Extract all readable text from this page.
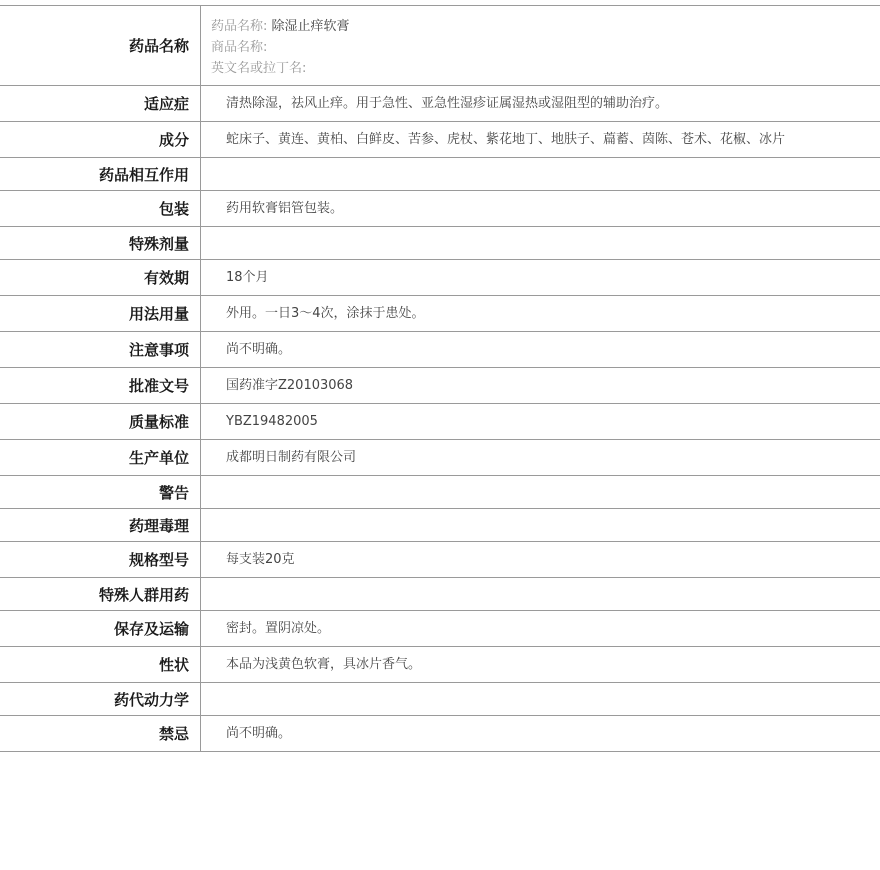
药品名称
药品名称: 除湿止痒软膏
商品名称:
英文名或拉丁名:
适应症	清热除湿，祛风止痒。用于急性、亚急性湿疹证属湿热或湿阻型的辅助治疗。
成分	蛇床子、黄连、黄柏、白鲜皮、苦参、虎杖、紫花地丁、地肤子、萹蓄、茵陈、苍术、花椒、冰片
药品相互作用
包装	药用软膏铝管包装。
特殊剂量
有效期	18个月
用法用量	外用。一日3～4次，涂抹于患处。
注意事项	尚不明确。
批准文号	国药准字Z20103068
质量标准	YBZ19482005
生产单位	成都明日制药有限公司
警告
药理毒理
规格型号	每支装20克
特殊人群用药
保存及运输	密封。置阴凉处。
性状	本品为浅黄色软膏，具冰片香气。
药代动力学
禁忌	尚不明确。
